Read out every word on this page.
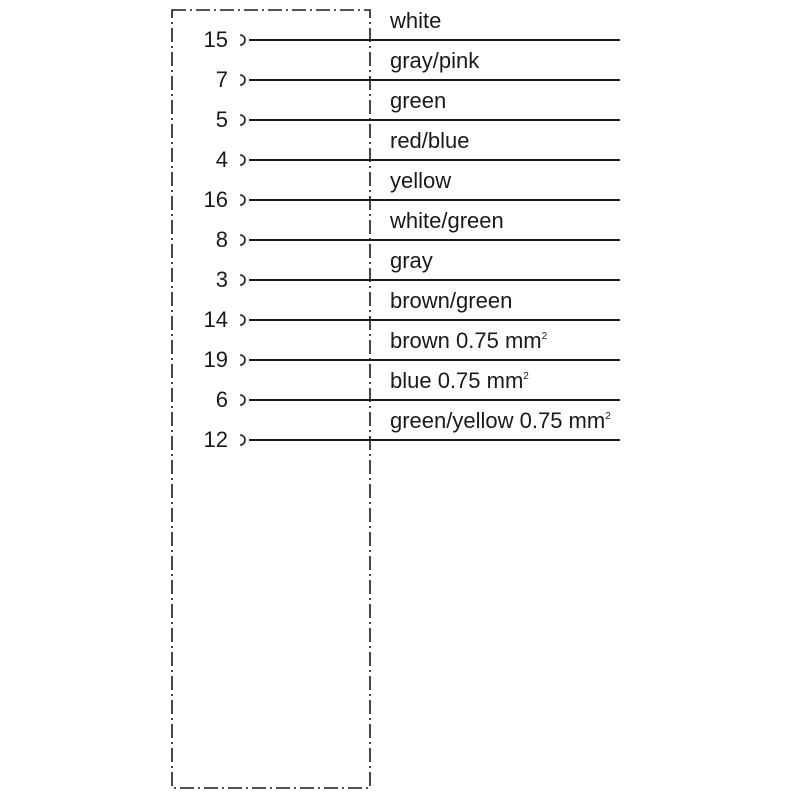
15
white
7
gray/pink
5
green
4
red/blue
16
yellow
8
white/green
3
gray
14
brown/green
19
brown 0.75 $mm^2$
6
blue 0.75 $mm^2$
12
green/yellow 0.75 $mm^2$
